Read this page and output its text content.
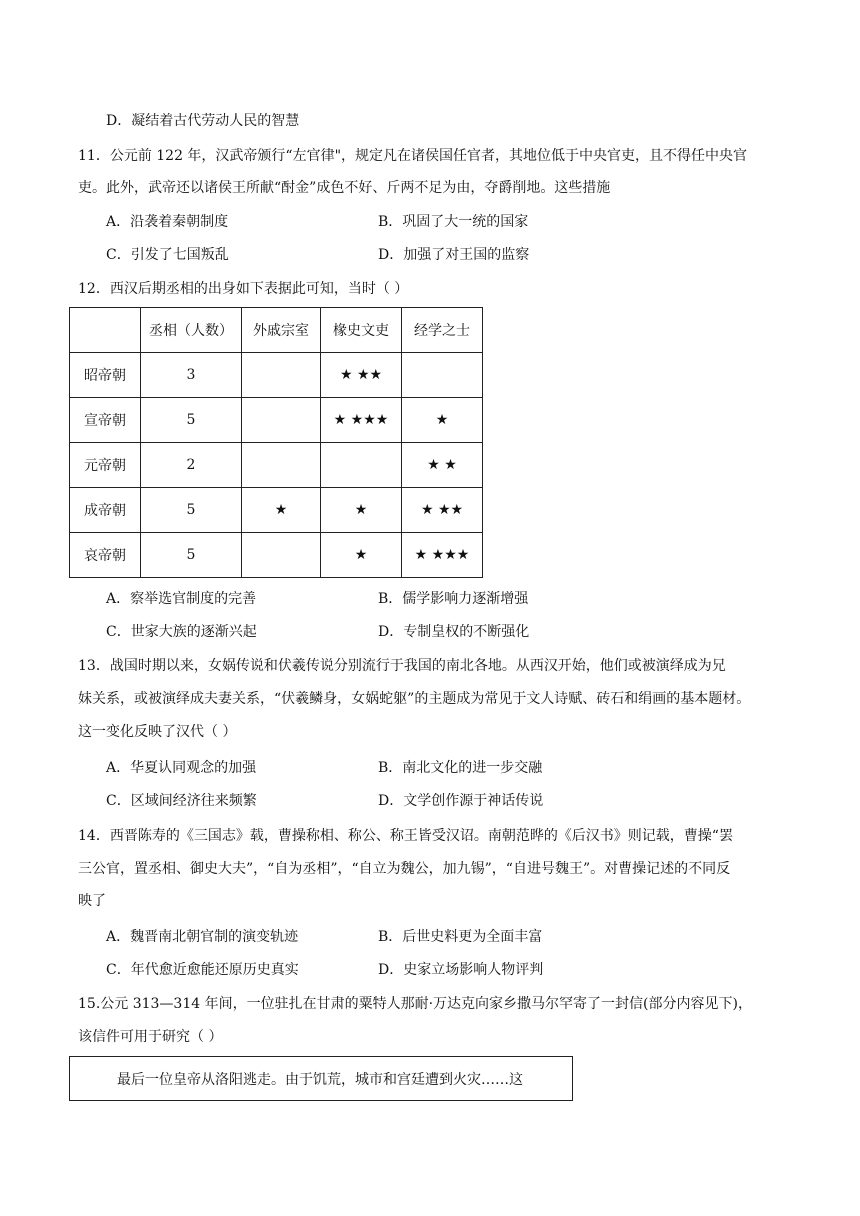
D．凝结着古代劳动人民的智慧
11．公元前 122 年，汉武帝颁行“左官律"，规定凡在诸侯国任官者，其地位低于中央官吏，且不得任中央官
吏。此外，武帝还以诸侯王所献“酎金”成色不好、斤两不足为由，夺爵削地。这些措施
A．沿袭着秦朝制度	B．巩固了大一统的国家
C．引发了七国叛乱	D．加强了对王国的监察
12．西汉后期丞相的出身如下表据此可知，当时（ ）
	丞相（人数）	外戚宗室	椽史文吏	经学之士
昭帝朝	3		★ ★★	
宣帝朝	5		★ ★★★	★
元帝朝	2			★ ★
成帝朝	5	★	★	★ ★★
哀帝朝	5		★	★ ★★★
A．察举选官制度的完善	B．儒学影响力逐渐增强
C．世家大族的逐渐兴起	D．专制皇权的不断强化
13．战国时期以来，女娲传说和伏羲传说分别流行于我国的南北各地。从西汉开始，他们或被演绎成为兄
妹关系，或被演绎成夫妻关系，“伏羲鳞身，女娲蛇躯”的主题成为常见于文人诗赋、砖石和绢画的基本题材。
这一变化反映了汉代（ ）
A．华夏认同观念的加强	B．南北文化的进一步交融
C．区域间经济往来频繁	D．文学创作源于神话传说
14．西晋陈寿的《三国志》载，曹操称相、称公、称王皆受汉诏。南朝范晔的《后汉书》则记载，曹操“罢
三公官，置丞相、御史大夫”，“自为丞相”，“自立为魏公，加九锡”，“自进号魏王”。对曹操记述的不同反
映了
A．魏晋南北朝官制的演变轨迹	B．后世史料更为全面丰富
C．年代愈近愈能还原历史真实	D．史家立场影响人物评判
15.公元 313—314 年间，一位驻扎在甘肃的粟特人那耐·万达克向家乡撒马尔罕寄了一封信(部分内容见下)，
该信件可用于研究（ ）
最后一位皇帝从洛阳逃走。由于饥荒，城市和宫廷遭到火灾……这
